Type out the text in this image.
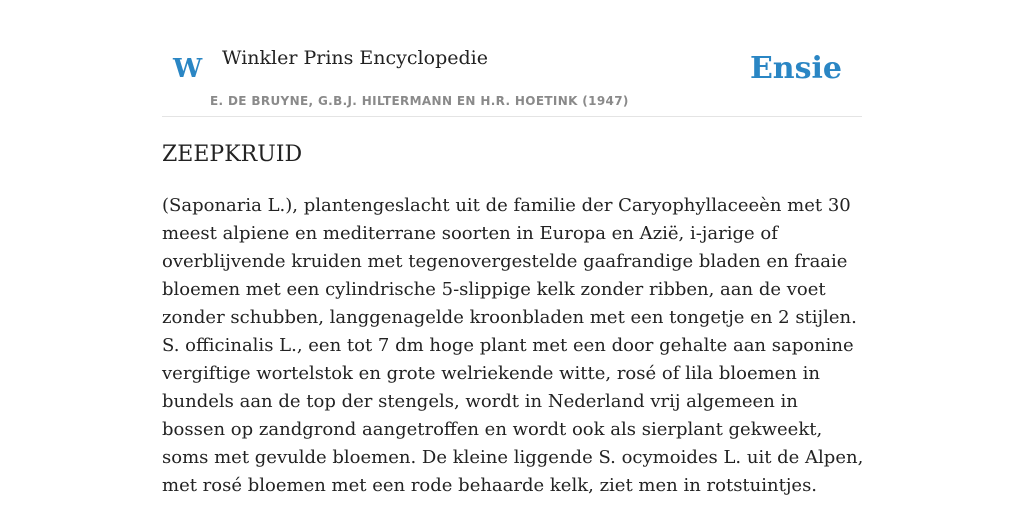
W Winkler Prins Encyclopedie
E. DE BRUYNE, G.B.J. HILTERMANN EN H.R. HOETINK (1947)
Ensie
ZEEPKRUID

(Saponaria L.), plantengeslacht uit de familie der Caryophyllaceeèn met 30 meest alpiene en mediterrane soorten in Europa en Azië, i-jarige of overblijvende kruiden met tegenovergestelde gaafrandige bladen en fraaie bloemen met een cylindrische 5-slippige kelk zonder ribben, aan de voet zonder schubben, langgenagelde kroonbladen met een tongetje en 2 stijlen. S. officinalis L., een tot 7 dm hoge plant met een door gehalte aan saponine vergiftige wortelstok en grote welriekende witte, rosé of lila bloemen in bundels aan de top der stengels, wordt in Nederland vrij algemeen in bossen op zandgrond aangetroffen en wordt ook als sierplant gekweekt, soms met gevulde bloemen. De kleine liggende S. ocymoides L. uit de Alpen, met rosé bloemen met een rode behaarde kelk, ziet men in rotstuintjes.
